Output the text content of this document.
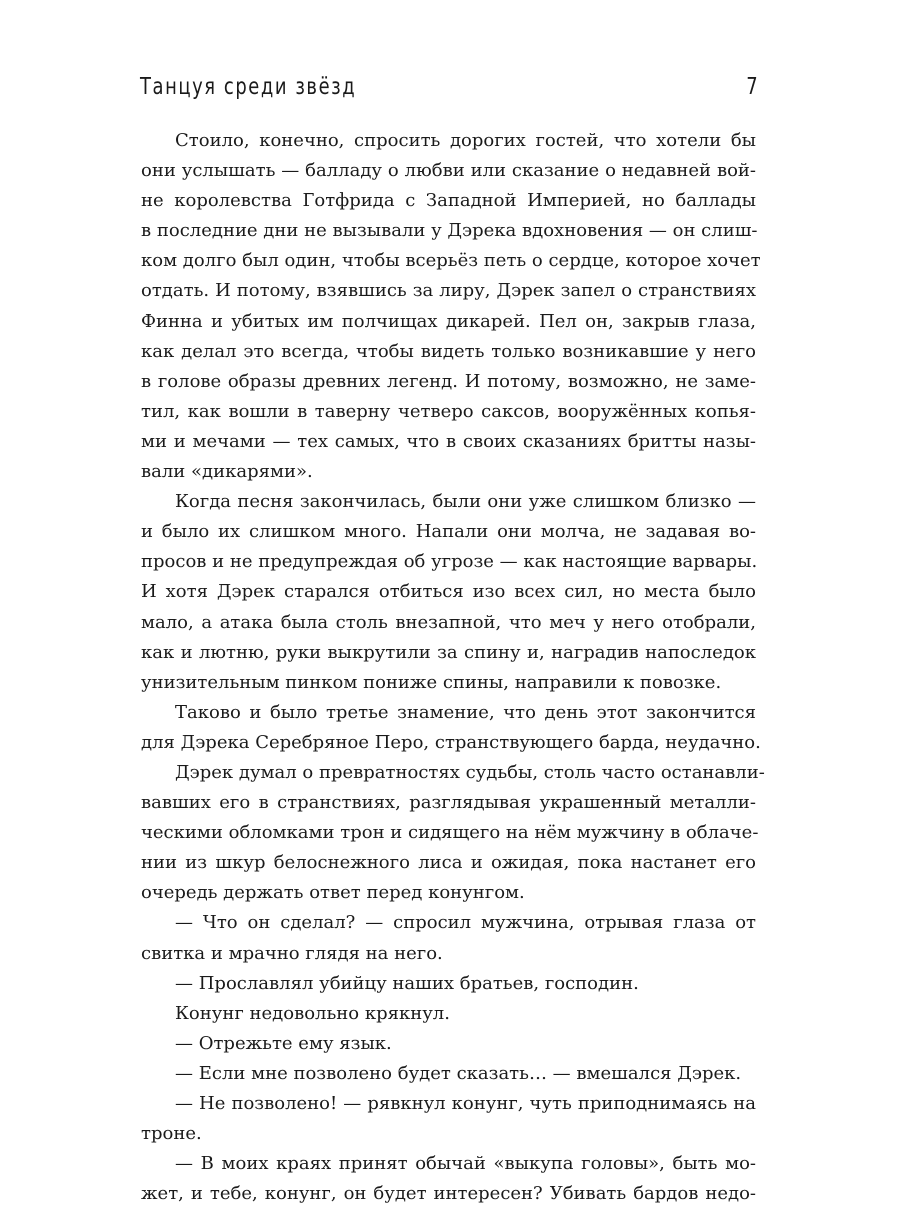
Танцуя среди звёзд	7
Стоило, конечно, спросить дорогих гостей, что хотели бы
они услышать — балладу о любви или сказание о недавней вой-
не королевства Готфрида с Западной Империей, но баллады
в последние дни не вызывали у Дэрека вдохновения — он слиш-
ком долго был один, чтобы всерьёз петь о сердце, которое хочет
отдать. И потому, взявшись за лиру, Дэрек запел о странствиях
Финна и убитых им полчищах дикарей. Пел он, закрыв глаза,
как делал это всегда, чтобы видеть только возникавшие у него
в голове образы древних легенд. И потому, возможно, не заме-
тил, как вошли в таверну четверо саксов, вооружённых копья-
ми и мечами — тех самых, что в своих сказаниях бритты назы-
вали «дикарями».
Когда песня закончилась, были они уже слишком близко —
и было их слишком много. Напали они молча, не задавая во-
просов и не предупреждая об угрозе — как настоящие варвары.
И хотя Дэрек старался отбиться изо всех сил, но места было
мало, а атака была столь внезапной, что меч у него отобрали,
как и лютню, руки выкрутили за спину и, наградив напоследок
унизительным пинком пониже спины, направили к повозке.
Таково и было третье знамение, что день этот закончится
для Дэрека Серебряное Перо, странствующего барда, неудачно.
Дэрек думал о превратностях судьбы, столь часто останавли-
вавших его в странствиях, разглядывая украшенный металли-
ческими обломками трон и сидящего на нём мужчину в облаче-
нии из шкур белоснежного лиса и ожидая, пока настанет его
очередь держать ответ перед конунгом.
— Что он сделал? — спросил мужчина, отрывая глаза от
свитка и мрачно глядя на него.
— Прославлял убийцу наших братьев, господин.
Конунг недовольно крякнул.
— Отрежьте ему язык.
— Если мне позволено будет сказать… — вмешался Дэрек.
— Не позволено! — рявкнул конунг, чуть приподнимаясь на
троне.
— В моих краях принят обычай «выкупа головы», быть мо-
жет, и тебе, конунг, он будет интересен? Убивать бардов недо-
